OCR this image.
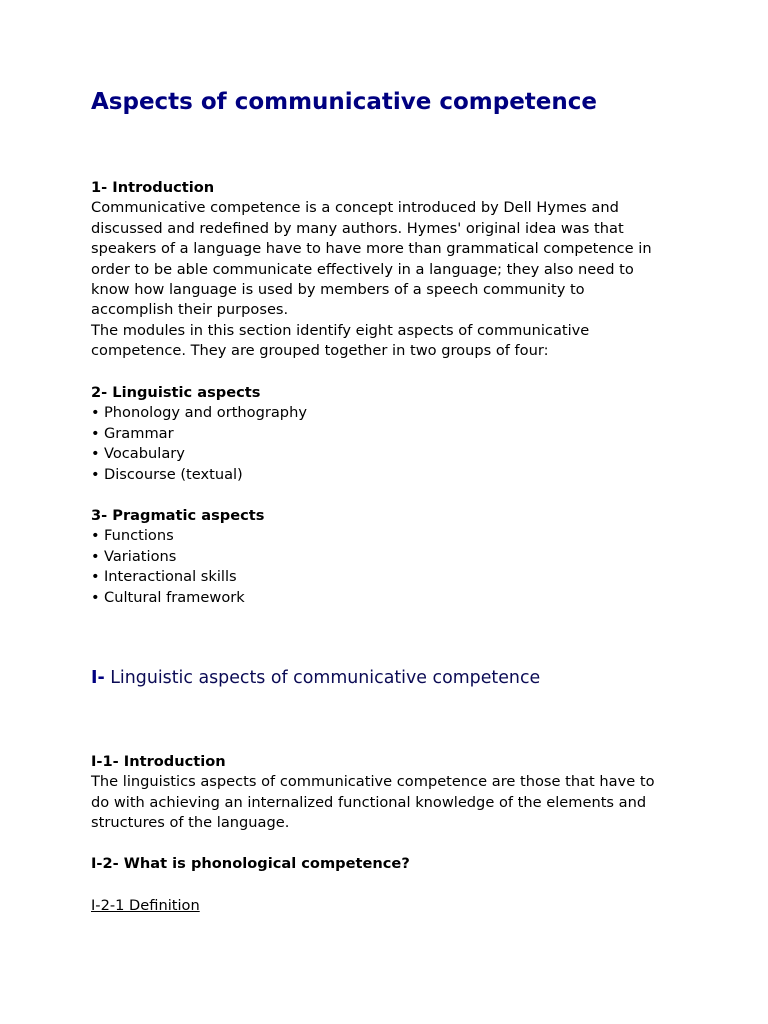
Aspects of communicative competence

1- Introduction

Communicative competence is a concept introduced by Dell Hymes and

discussed and redefined by many authors. Hymes' original idea was that

speakers of a language have to have more than grammatical competence in

order to be able communicate effectively in a language; they also need to

know how language is used by members of a speech community to

accomplish their purposes.

The modules in this section identify eight aspects of communicative

competence. They are grouped together in two groups of four:

2- Linguistic aspects

• Phonology and orthography
• Grammar
• Vocabulary
• Discourse (textual)

3- Pragmatic aspects

• Functions
• Variations
• Interactional skills
• Cultural framework
I- Linguistic aspects of communicative competence

I-1- Introduction

The linguistics aspects of communicative competence are those that have to

do with achieving an internalized functional knowledge of the elements and

structures of the language.

I-2- What is phonological competence?

I-2-1 Definition
